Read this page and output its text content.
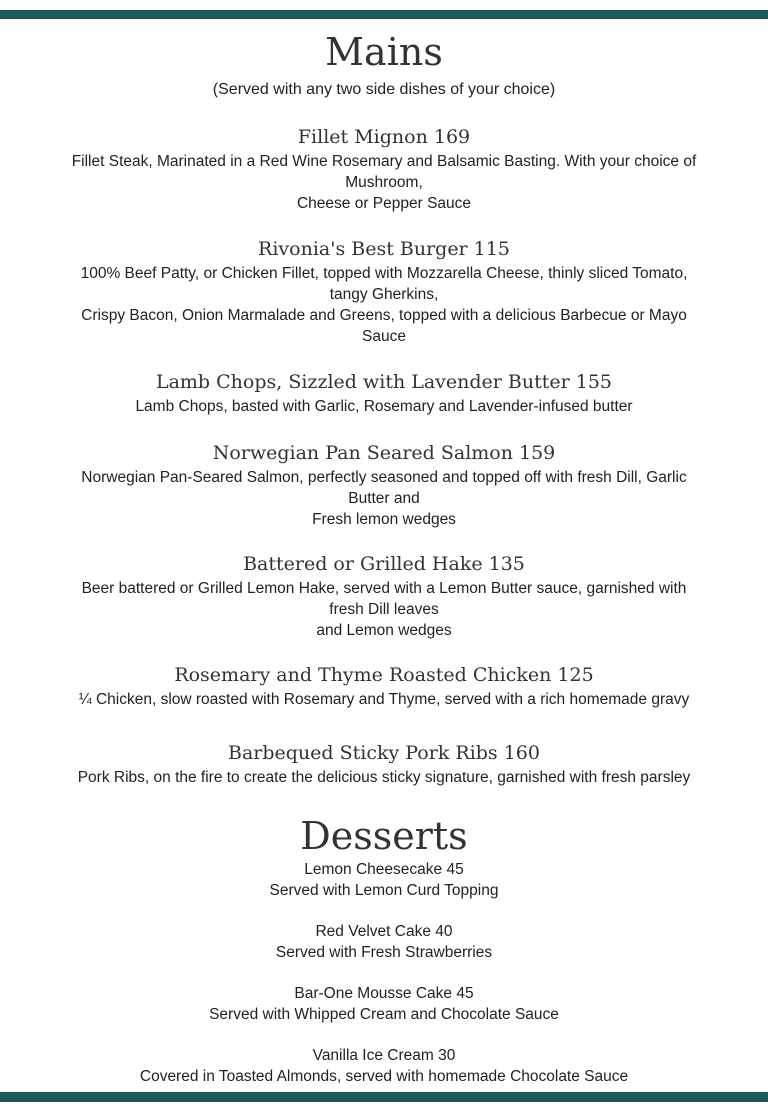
Mains
(Served with any two side dishes of your choice)
Fillet Mignon 169
Fillet Steak, Marinated in a Red Wine Rosemary and Balsamic Basting. With your choice of
Mushroom,
Cheese or Pepper Sauce
Rivonia's Best Burger 115
100% Beef Patty, or Chicken Fillet, topped with Mozzarella Cheese, thinly sliced Tomato,
tangy Gherkins,
Crispy Bacon, Onion Marmalade and Greens, topped with a delicious Barbecue or Mayo
Sauce
Lamb Chops, Sizzled with Lavender Butter 155
Lamb Chops, basted with Garlic, Rosemary and Lavender-infused butter
Norwegian Pan Seared Salmon 159
Norwegian Pan-Seared Salmon, perfectly seasoned and topped off with fresh Dill, Garlic
Butter and
Fresh lemon wedges
Battered or Grilled Hake 135
Beer battered or Grilled Lemon Hake, served with a Lemon Butter sauce, garnished with
fresh Dill leaves
and Lemon wedges
Rosemary and Thyme Roasted Chicken 125
¼ Chicken, slow roasted with Rosemary and Thyme, served with a rich homemade gravy
Barbequed Sticky Pork Ribs 160
Pork Ribs, on the fire to create the delicious sticky signature, garnished with fresh parsley
Desserts
Lemon Cheesecake 45
Served with Lemon Curd Topping
Red Velvet Cake 40
Served with Fresh Strawberries
Bar-One Mousse Cake 45
Served with Whipped Cream and Chocolate Sauce
Vanilla Ice Cream 30
Covered in Toasted Almonds, served with homemade Chocolate Sauce
